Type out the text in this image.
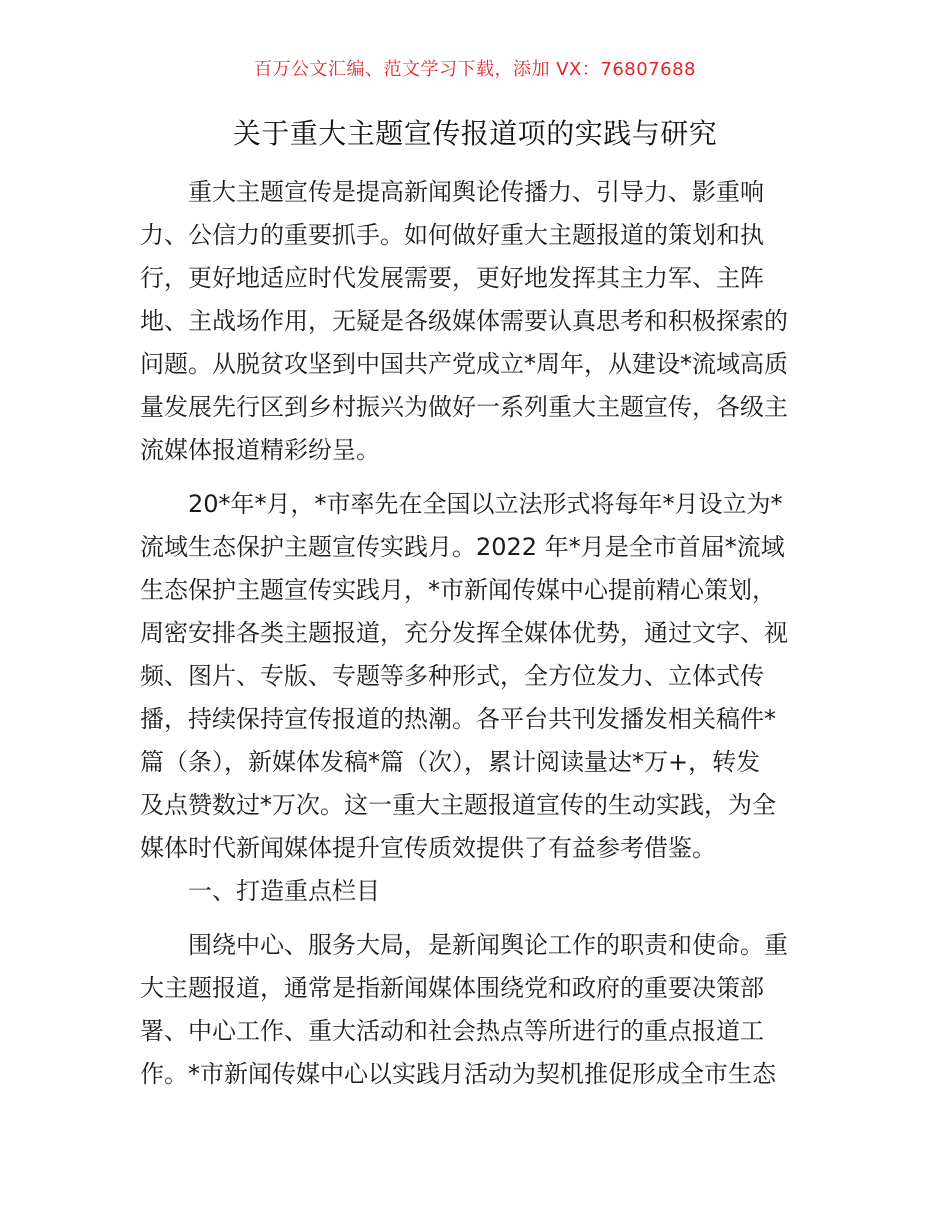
百万公文汇编、范文学习下载，添加 VX：76807688
关于重大主题宣传报道项的实践与研究

重大主题宣传是提高新闻舆论传播力、引导力、影重响
力、公信力的重要抓手。如何做好重大主题报道的策划和执
行，更好地适应时代发展需要，更好地发挥其主力军、主阵
地、主战场作用，无疑是各级媒体需要认真思考和积极探索的
问题。从脱贫攻坚到中国共产党成立*周年，从建设*流域高质
量发展先行区到乡村振兴为做好一系列重大主题宣传，各级主
流媒体报道精彩纷呈。

20*年*月，*市率先在全国以立法形式将每年*月设立为*
流域生态保护主题宣传实践月。2022 年*月是全市首届*流域
生态保护主题宣传实践月，*市新闻传媒中心提前精心策划，
周密安排各类主题报道，充分发挥全媒体优势，通过文字、视
频、图片、专版、专题等多种形式，全方位发力、立体式传
播，持续保持宣传报道的热潮。各平台共刊发播发相关稿件*
篇（条），新媒体发稿*篇（次），累计阅读量达*万+，转发
及点赞数过*万次。这一重大主题报道宣传的生动实践，为全
媒体时代新闻媒体提升宣传质效提供了有益参考借鉴。

一、打造重点栏目

围绕中心、服务大局，是新闻舆论工作的职责和使命。重
大主题报道，通常是指新闻媒体围绕党和政府的重要决策部
署、中心工作、重大活动和社会热点等所进行的重点报道工
作。*市新闻传媒中心以实践月活动为契机推促形成全市生态
